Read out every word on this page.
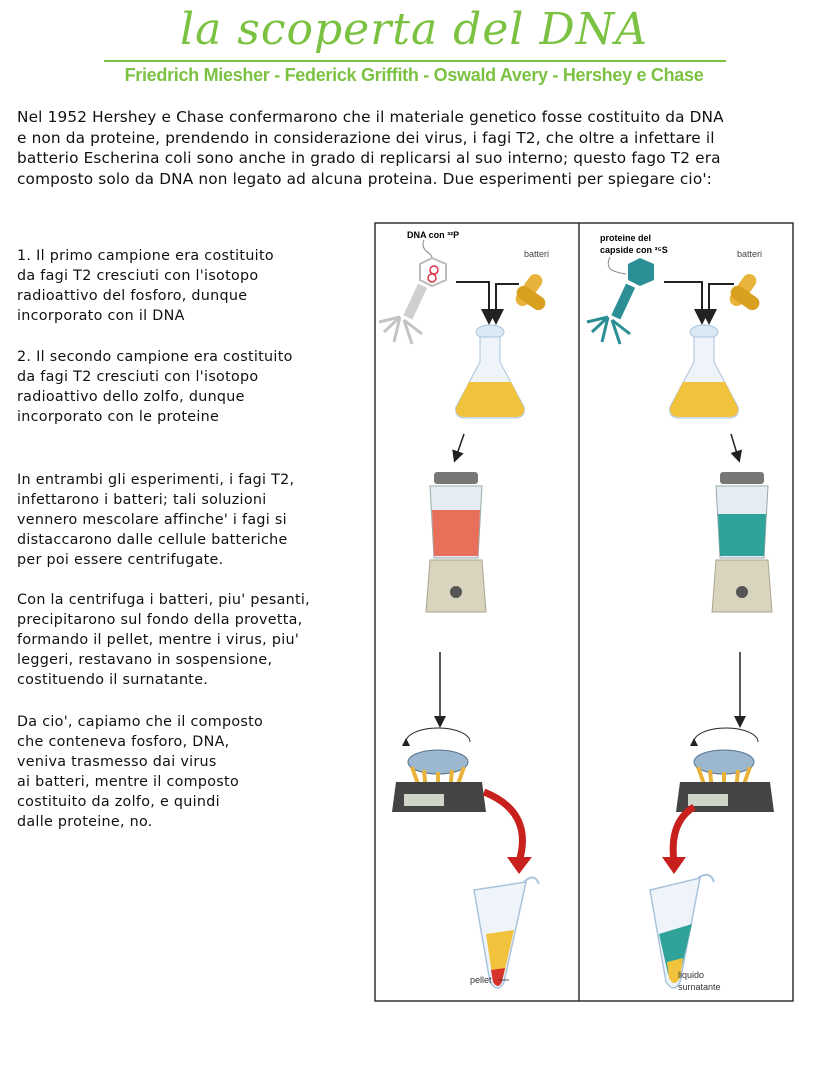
la scoperta del DNA
Friedrich Miesher - Federick Griffith - Oswald Avery - Hershey e Chase
Nel 1952 Hershey e Chase confermarono che il materiale genetico fosse costituito da DNA
e non da proteine, prendendo in considerazione dei virus, i fagi T2, che oltre a infettare il
batterio Escherina coli sono anche in grado di replicarsi al suo interno; questo fago T2 era
composto solo da DNA non legato ad alcuna proteina. Due esperimenti per spiegare cio':
1. Il primo campione era costituito
da fagi T2 cresciuti con l'isotopo
radioattivo del fosforo, dunque
incorporato con il DNA
2. Il secondo campione era costituito
da fagi T2 cresciuti con l'isotopo
radioattivo dello zolfo, dunque
incorporato con le proteine
In entrambi gli esperimenti, i fagi T2,
infettarono i batteri; tali soluzioni
vennero mescolare affinche' i fagi si
distaccarono dalle cellule batteriche
per poi essere centrifugate.
Con la centrifuga i batteri, piu' pesanti,
precipitarono sul fondo della provetta,
formando il pellet, mentre i virus, piu'
leggeri, restavano in sospensione,
costituendo il surnatante.
Da cio', capiamo che il composto
che conteneva fosforo, DNA,
veniva trasmesso dai virus
ai batteri, mentre il composto
costituito da zolfo, e quindi
dalle proteine, no.
DNA con ³²P
batteri
pellet
proteine del
capside con ³⁵S	batteri
liquido
surnatante
